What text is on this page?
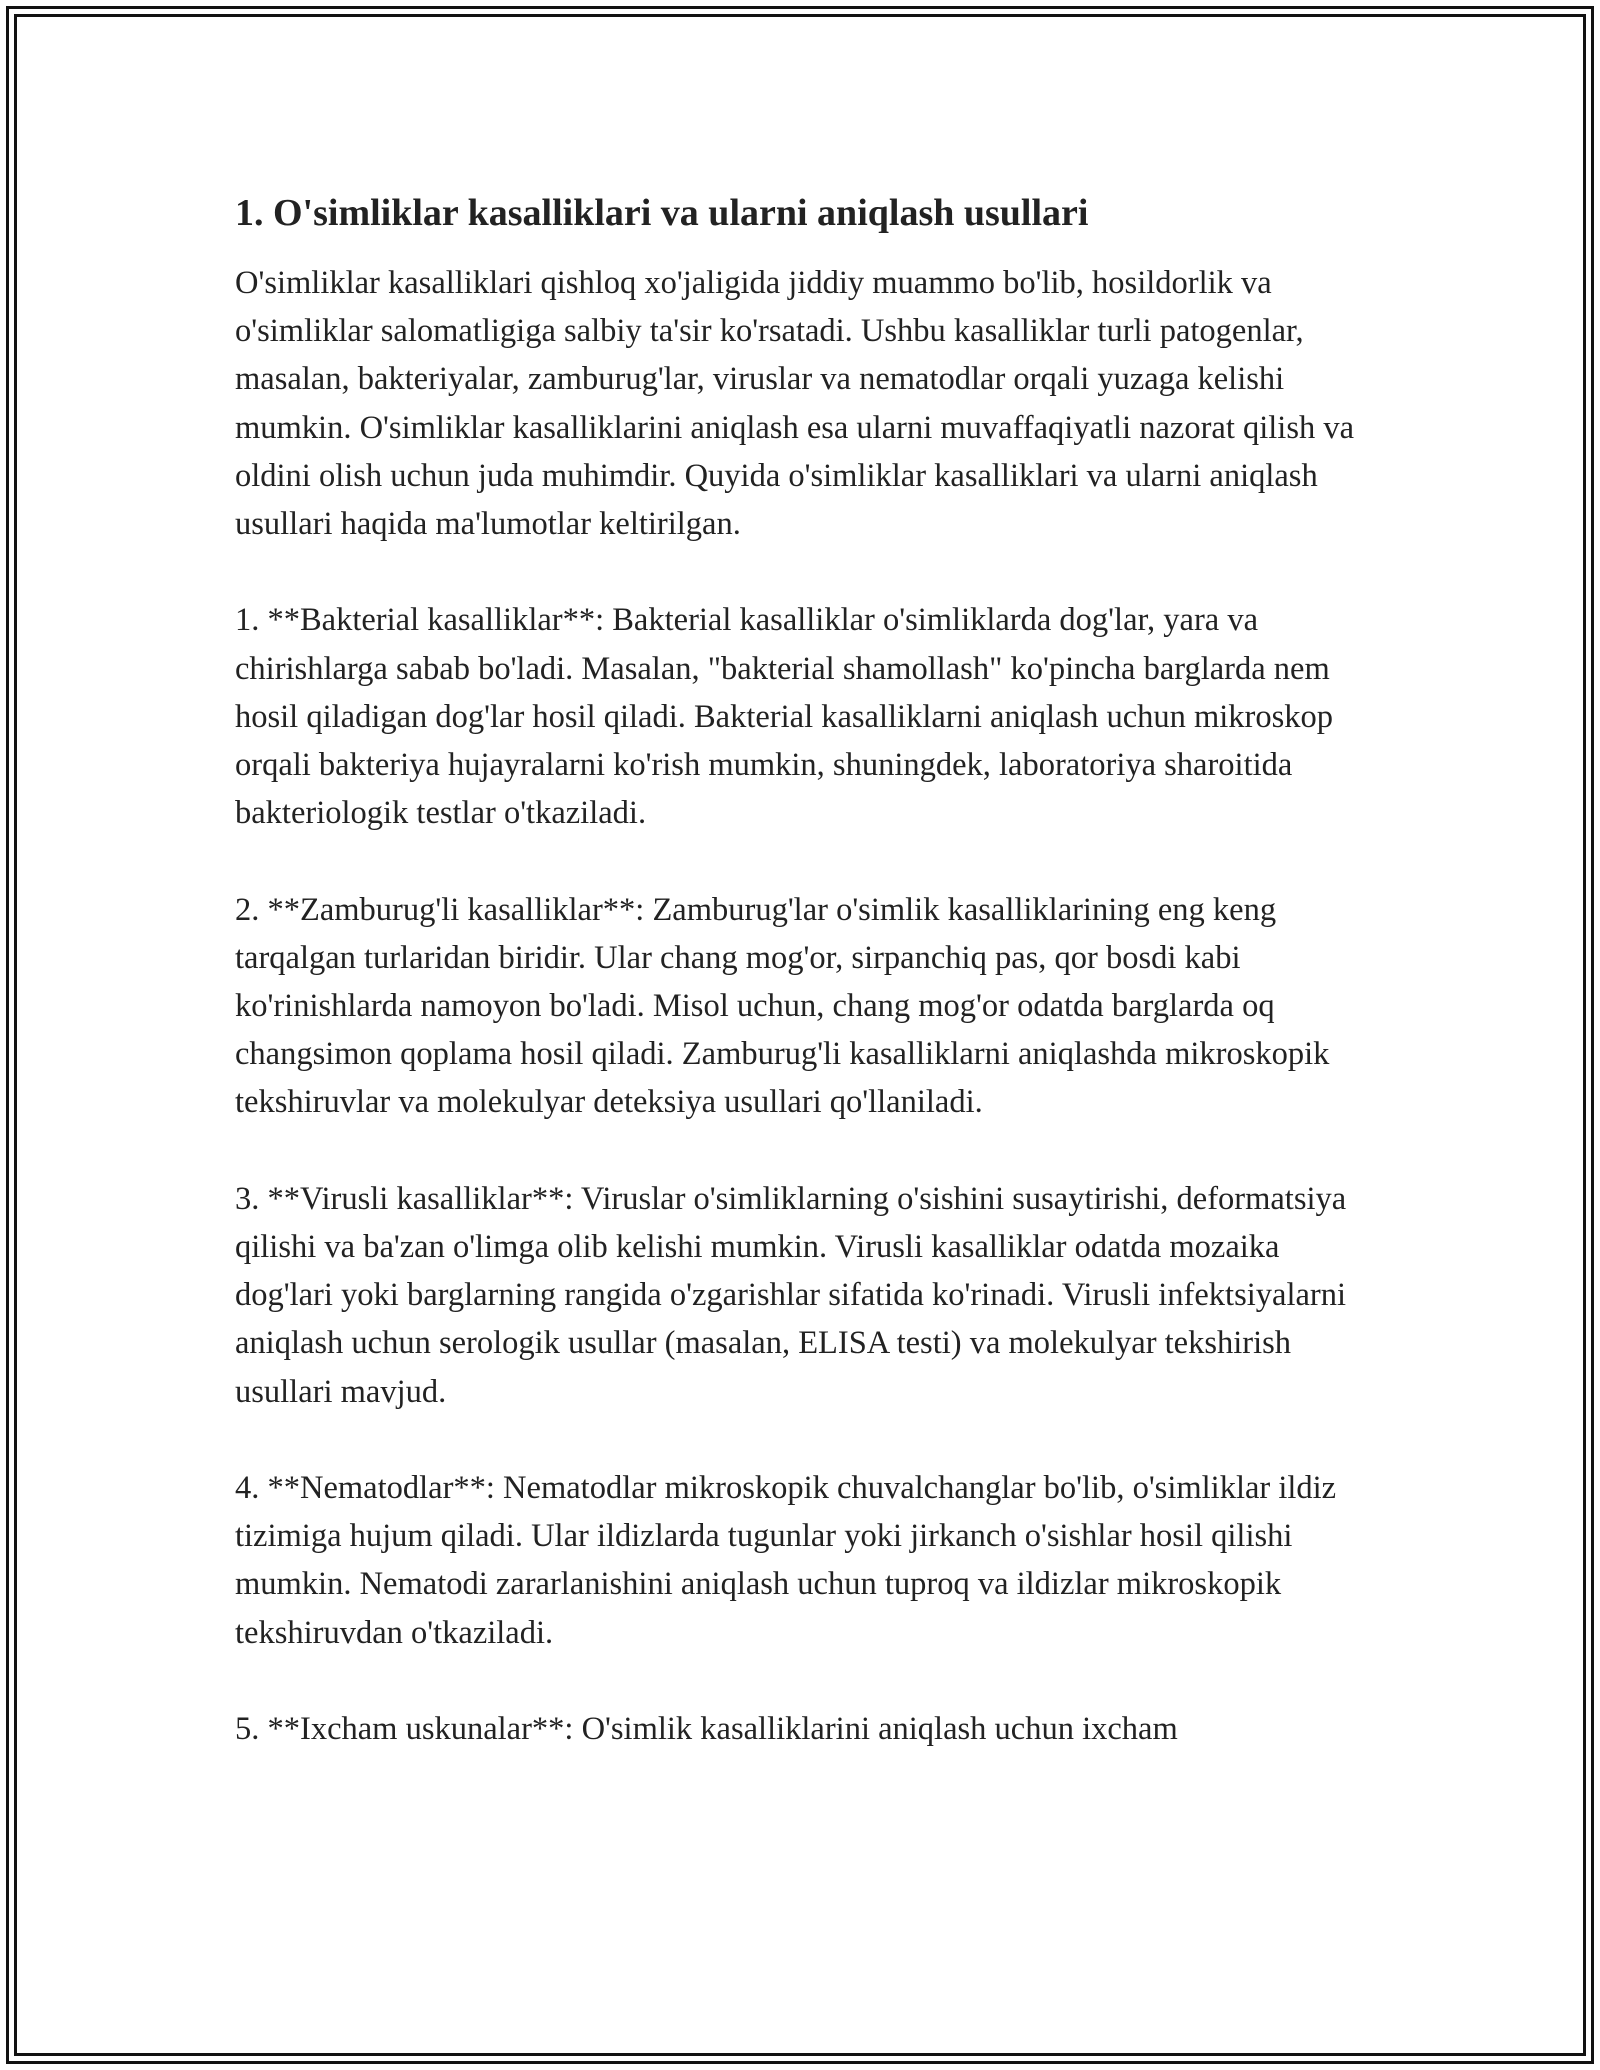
1. O'simliklar kasalliklari va ularni aniqlash usullari

O'simliklar kasalliklari qishloq xo'jaligida jiddiy muammo bo'lib, hosildorlik va o'simliklar salomatligiga salbiy ta'sir ko'rsatadi. Ushbu kasalliklar turli patogenlar, masalan, bakteriyalar, zamburug'lar, viruslar va nematodlar orqali yuzaga kelishi mumkin. O'simliklar kasalliklarini aniqlash esa ularni muvaffaqiyatli nazorat qilish va oldini olish uchun juda muhimdir. Quyida o'simliklar kasalliklari va ularni aniqlash usullari haqida ma'lumotlar keltirilgan.

1. **Bakterial kasalliklar**: Bakterial kasalliklar o'simliklarda dog'lar, yara va chirishlarga sabab bo'ladi. Masalan, "bakterial shamollash" ko'pincha barglarda nem hosil qiladigan dog'lar hosil qiladi. Bakterial kasalliklarni aniqlash uchun mikroskop orqali bakteriya hujayralarni ko'rish mumkin, shuningdek, laboratoriya sharoitida bakteriologik testlar o'tkaziladi.

2. **Zamburug'li kasalliklar**: Zamburug'lar o'simlik kasalliklarining eng keng tarqalgan turlaridan biridir. Ular chang mog'or, sirpanchiq pas, qor bosdi kabi ko'rinishlarda namoyon bo'ladi. Misol uchun, chang mog'or odatda barglarda oq changsimon qoplama hosil qiladi. Zamburug'li kasalliklarni aniqlashda mikroskopik tekshiruvlar va molekulyar deteksiya usullari qo'llaniladi.

3. **Virusli kasalliklar**: Viruslar o'simliklarning o'sishini susaytirishi, deformatsiya qilishi va ba'zan o'limga olib kelishi mumkin. Virusli kasalliklar odatda mozaika dog'lari yoki barglarning rangida o'zgarishlar sifatida ko'rinadi. Virusli infektsiyalarni aniqlash uchun serologik usullar (masalan, ELISA testi) va molekulyar tekshirish usullari mavjud.

4. **Nematodlar**: Nematodlar mikroskopik chuvalchanglar bo'lib, o'simliklar ildiz tizimiga hujum qiladi. Ular ildizlarda tugunlar yoki jirkanch o'sishlar hosil qilishi mumkin. Nematodi zararlanishini aniqlash uchun tuproq va ildizlar mikroskopik tekshiruvdan o'tkaziladi.

5. **Ixcham uskunalar**: O'simlik kasalliklarini aniqlash uchun ixcham
